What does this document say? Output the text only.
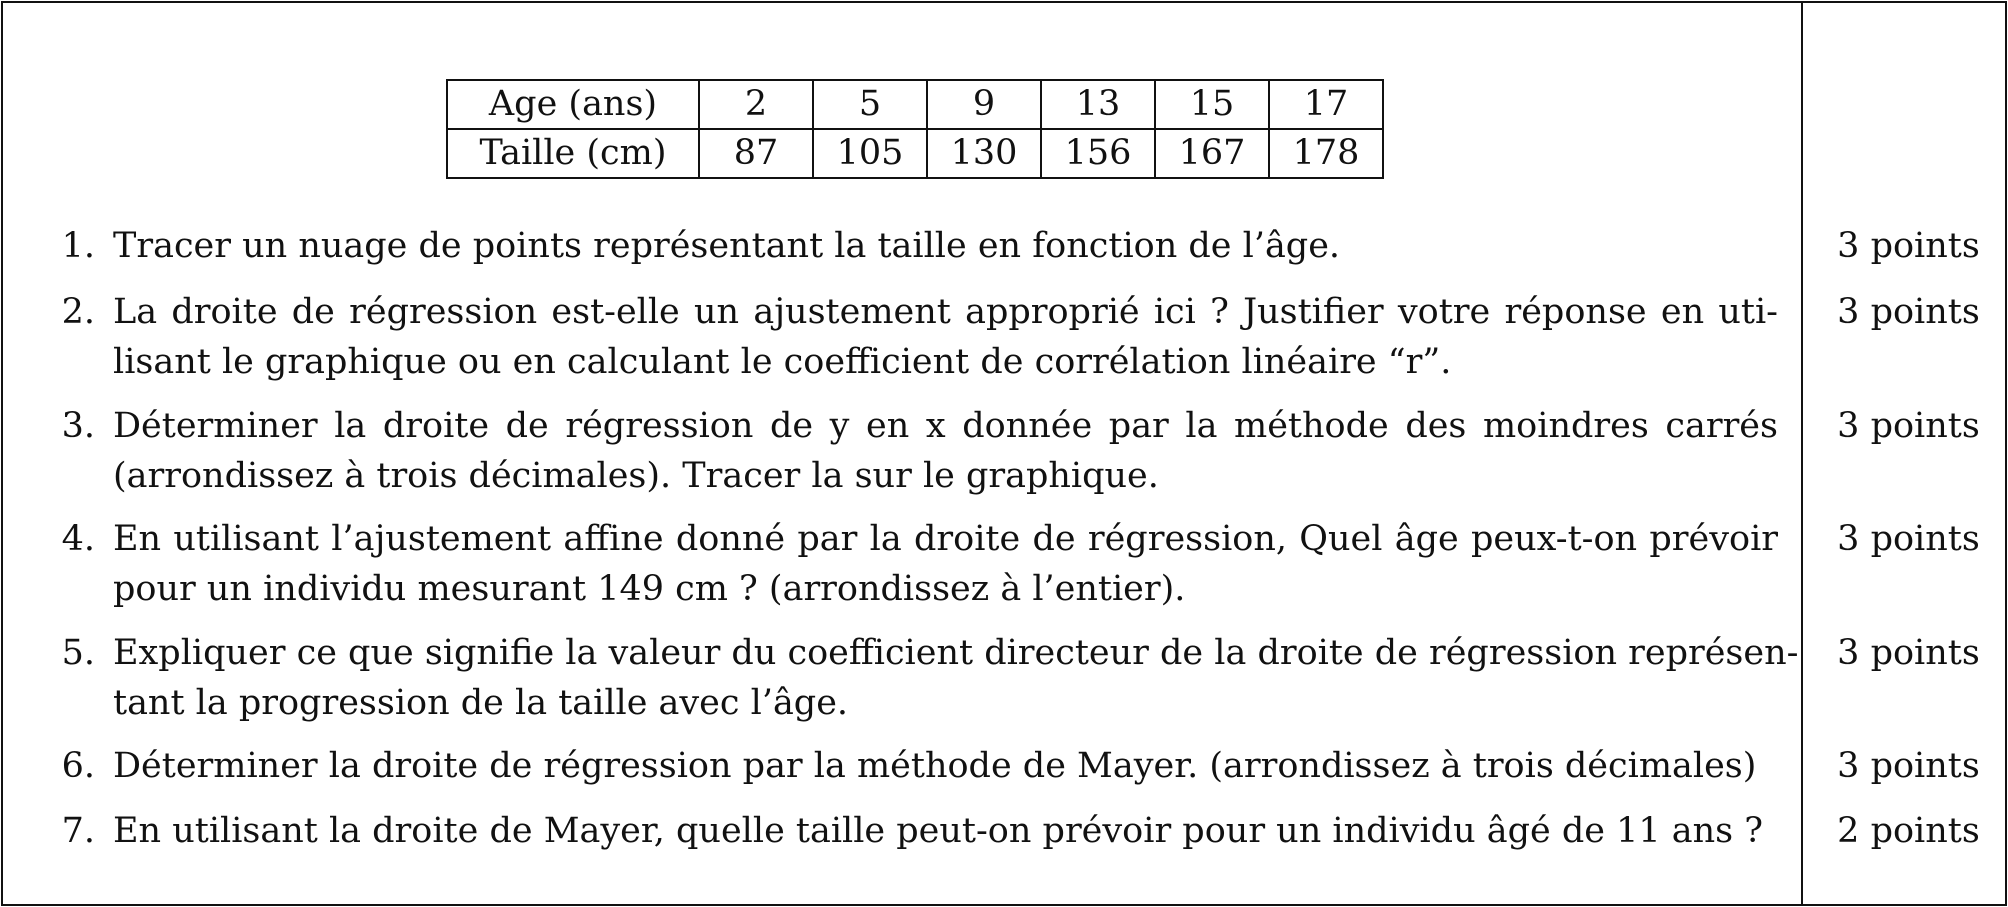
Age (ans)	2	5	9	13	15	17
Taille (cm)	87	105	130	156	167	178
1. Tracer un nuage de points représentant la taille en fonction de l’âge.	3 points
2. La droite de régression est-elle un ajustement approprié ici ? Justifier votre réponse en uti-
lisant le graphique ou en calculant le coefficient de corrélation linéaire “r”.
3 points
3. Déterminer la droite de régression de y en x donnée par la méthode des moindres carrés
(arrondissez à trois décimales). Tracer la sur le graphique.
3 points
4. En utilisant l’ajustement affine donné par la droite de régression, Quel âge peux-t-on prévoir
pour un individu mesurant 149 cm ? (arrondissez à l’entier).
3 points
5. Expliquer ce que signifie la valeur du coefficient directeur de la droite de régression représen-
tant la progression de la taille avec l’âge.
3 points
6. Déterminer la droite de régression par la méthode de Mayer. (arrondissez à trois décimales)	3 points
7. En utilisant la droite de Mayer, quelle taille peut-on prévoir pour un individu âgé de 11 ans ?	2 points
